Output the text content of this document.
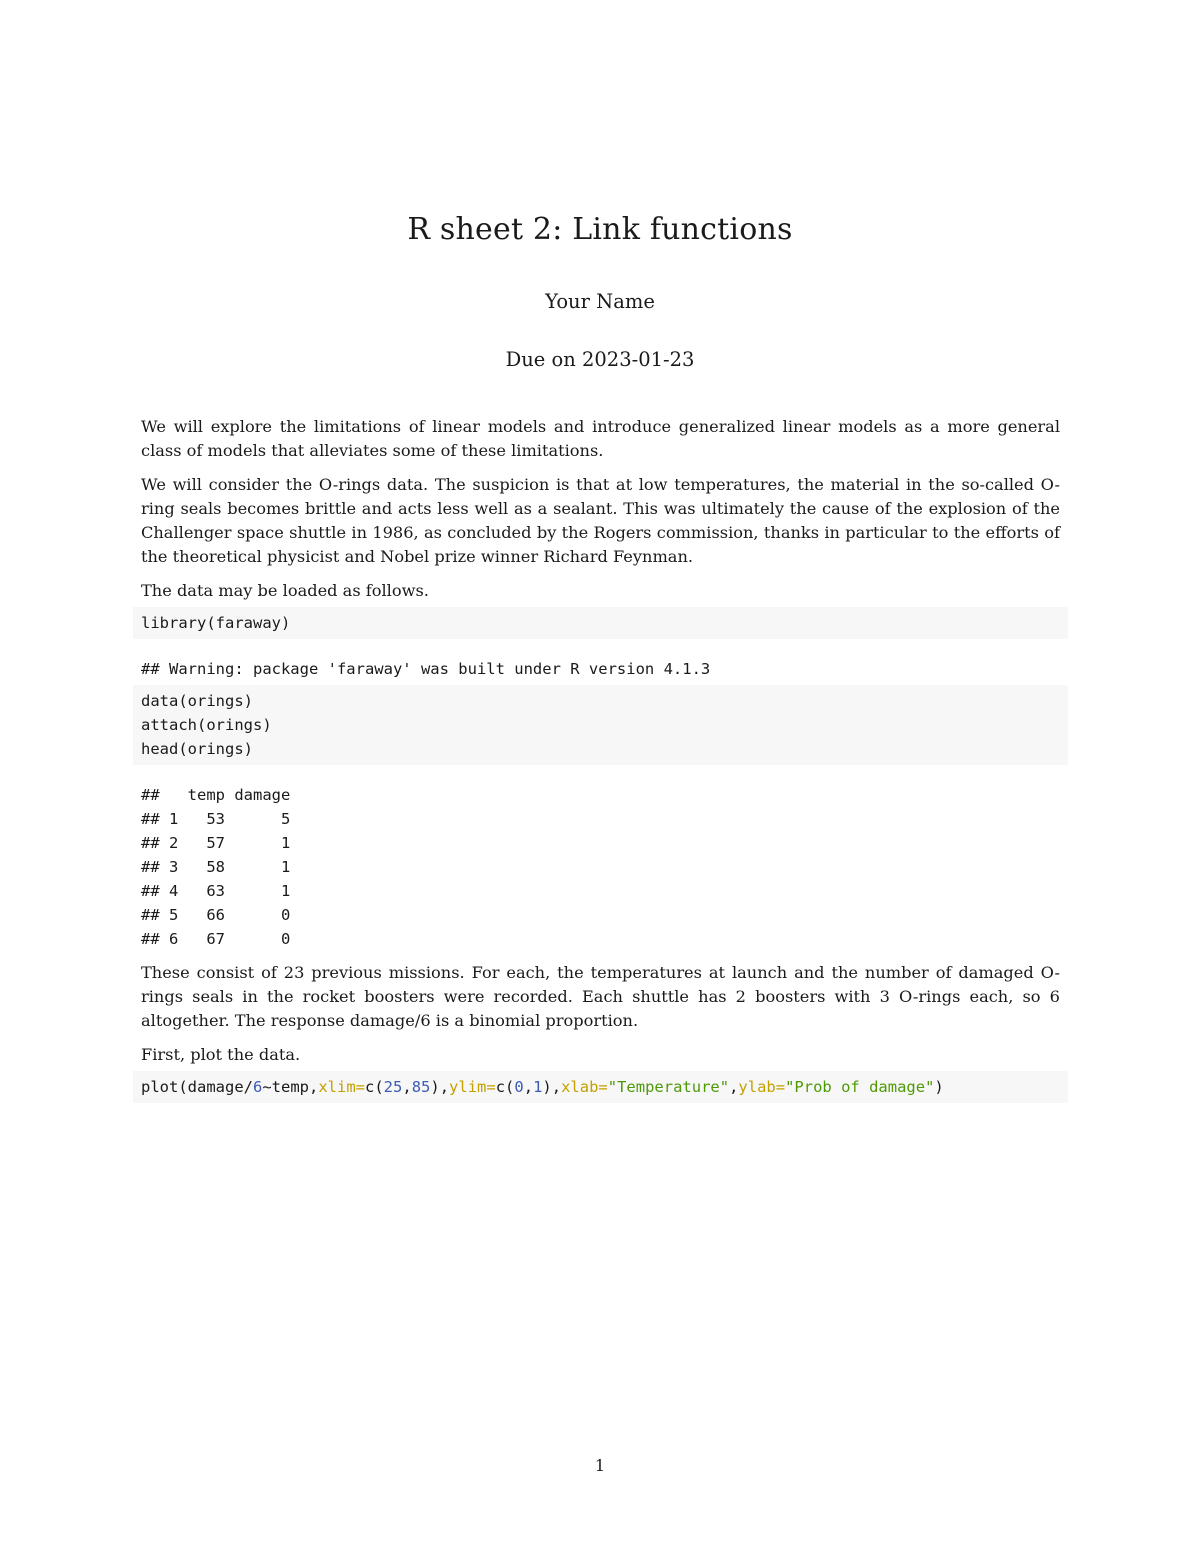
R sheet 2: Link functions
Your Name
Due on 2023-01-23

We will explore the limitations of linear models and introduce generalized linear models as a more general class of models that alleviates some of these limitations.

We will consider the O-rings data. The suspicion is that at low temperatures, the material in the so-called O-ring seals becomes brittle and acts less well as a sealant. This was ultimately the cause of the explosion of the Challenger space shuttle in 1986, as concluded by the Rogers commission, thanks in particular to the efforts of the theoretical physicist and Nobel prize winner Richard Feynman.

The data may be loaded as follows.

library(faraway)
## Warning: package 'faraway' was built under R version 4.1.3
data(orings)
attach(orings)
head(orings)
##   temp damage
## 1   53      5
## 2   57      1
## 3   58      1
## 4   63      1
## 5   66      0
## 6   67      0

These consist of 23 previous missions. For each, the temperatures at launch and the number of damaged O-rings seals in the rocket boosters were recorded. Each shuttle has 2 boosters with 3 O-rings each, so 6 altogether. The response damage/6 is a binomial proportion.

First, plot the data.

plot(damage/6~temp,xlim=c(25,85),ylim=c(0,1),xlab="Temperature",ylab="Prob of damage")
1
